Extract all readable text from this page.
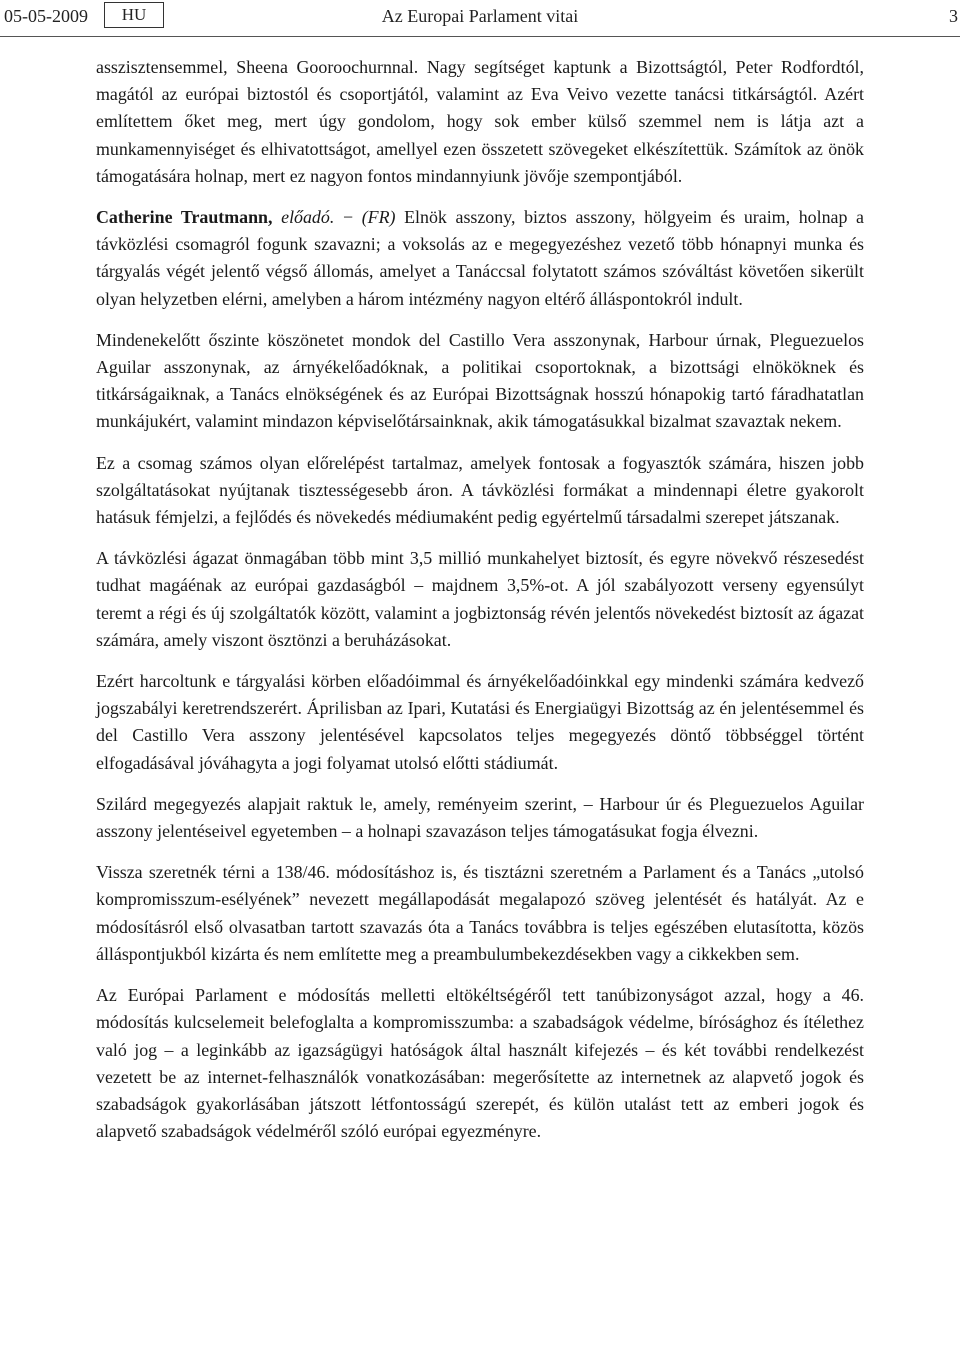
05-05-2009	HU	Az Eurοpai Parlament vitai	3

asszisztensemmel, Sheena Gooroochurnnal. Nagy segítséget kaptunk a Bizottságtól, Peter Rodfordtól, magától az európai biztostól és csoportjától, valamint az Eva Veivo vezette tanácsi titkárságtól. Azért említettem őket meg, mert úgy gondolom, hogy sok ember külső szemmel nem is látja azt a munkamennyiséget és elhivatottságot, amellyel ezen összetett szövegeket elkészítettük. Számítok az önök támogatására holnap, mert ez nagyon fontos mindannyiunk jövője szempontjából.

Catherine Trautmann, előadó. − (FR) Elnök asszony, biztos asszony, hölgyeim és uraim, holnap a távközlési csomagról fogunk szavazni; a voksolás az e megegyezéshez vezető több hónapnyi munka és tárgyalás végét jelentő végső állomás, amelyet a Tanáccsal folytatott számos szóváltást követően sikerült olyan helyzetben elérni, amelyben a három intézmény nagyon eltérő álláspontokról indult.

Mindenekelőtt őszinte köszönetet mondok del Castillo Vera asszonynak, Harbour úrnak, Pleguezuelos Aguilar asszonynak, az árnyékelőadóknak, a politikai csoportoknak, a bizottsági elnököknek és titkárságaiknak, a Tanács elnökségének és az Európai Bizottságnak hosszú hónapokig tartó fáradhatatlan munkájukért, valamint mindazon képviselőtársainknak, akik támogatásukkal bizalmat szavaztak nekem.

Ez a csomag számos olyan előrelépést tartalmaz, amelyek fontosak a fogyasztók számára, hiszen jobb szolgáltatásokat nyújtanak tisztességesebb áron. A távközlési formákat a mindennapi életre gyakorolt hatásuk fémjelzi, a fejlődés és növekedés médiumaként pedig egyértelmű társadalmi szerepet játszanak.

A távközlési ágazat önmagában több mint 3,5 millió munkahelyet biztosít, és egyre növekvő részesedést tudhat magáénak az európai gazdaságból – majdnem 3,5%-ot. A jól szabályozott verseny egyensúlyt teremt a régi és új szolgáltatók között, valamint a jogbiztonság révén jelentős növekedést biztosít az ágazat számára, amely viszont ösztönzi a beruházásokat.

Ezért harcoltunk e tárgyalási körben előadóimmal és árnyékelőadóinkkal egy mindenki számára kedvező jogszabályi keretrendszerért. Áprilisban az Ipari, Kutatási és Energiaügyi Bizottság az én jelentésemmel és del Castillo Vera asszony jelentésével kapcsolatos teljes megegyezés döntő többséggel történt elfogadásával jóváhagyta a jogi folyamat utolsó előtti stádiumát.

Szilárd megegyezés alapjait raktuk le, amely, reményeim szerint, – Harbour úr és Pleguezuelos Aguilar asszony jelentéseivel egyetemben – a holnapi szavazáson teljes támogatásukat fogja élvezni.

Vissza szeretnék térni a 138/46. módosításhoz is, és tisztázni szeretném a Parlament és a Tanács „utolsó kompromisszum-esélyének” nevezett megállapodását megalapozó szöveg jelentését és hatályát. Az e módosításról első olvasatban tartott szavazás óta a Tanács továbbra is teljes egészében elutasította, közös álláspontjukból kizárta és nem említette meg a preambulumbekezdésekben vagy a cikkekben sem.

Az Európai Parlament e módosítás melletti eltökéltségéről tett tanúbizonyságot azzal, hogy a 46. módosítás kulcselemeit belefoglalta a kompromisszumba: a szabadságok védelme, bírósághoz és ítélethez való jog – a leginkább az igazságügyi hatóságok által használt kifejezés – és két további rendelkezést vezetett be az internet-felhasználók vonatkozásában: megerősítette az internetnek az alapvető jogok és szabadságok gyakorlásában játszott létfontosságú szerepét, és külön utalást tett az emberi jogok és alapvető szabadságok védelméről szóló európai egyezményre.
